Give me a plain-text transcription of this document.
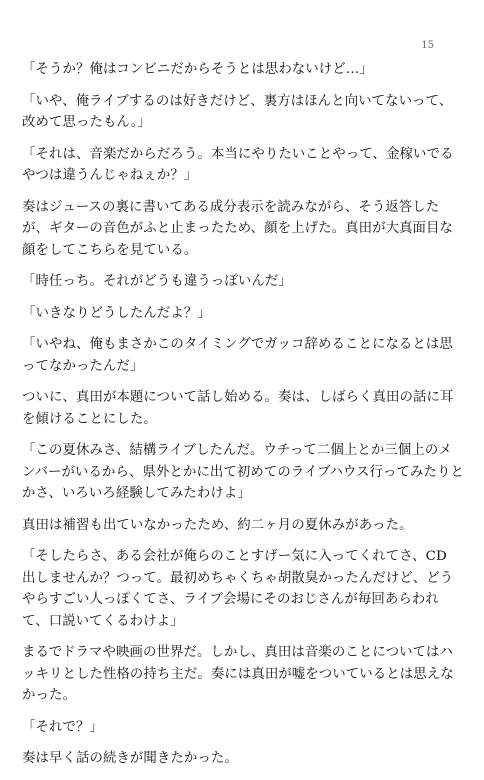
15

「そうか？俺はコンビニだからそうとは思わないけど…」

「いや、俺ライブするのは好きだけど、裏方はほんと向いてないって、改めて思ったもん。」

「それは、音楽だからだろう。本当にやりたいことやって、金稼いでるやつは違うんじゃねぇか？」

奏はジュースの裏に書いてある成分表示を読みながら、そう返答したが、ギターの音色がふと止まったため、顔を上げた。真田が大真面目な顔をしてこちらを見ている。

「時任っち。それがどうも違うっぽいんだ」

「いきなりどうしたんだよ？」

「いやね、俺もまさかこのタイミングでガッコ辞めることになるとは思ってなかったんだ」

ついに、真田が本題について話し始める。奏は、しばらく真田の話に耳を傾けることにした。

「この夏休みさ、結構ライブしたんだ。ウチって二個上とか三個上のメンバーがいるから、県外とかに出て初めてのライブハウス行ってみたりとかさ、いろいろ経験してみたわけよ」

真田は補習も出ていなかったため、約二ヶ月の夏休みがあった。

「そしたらさ、ある会社が俺らのことすげー気に入ってくれてさ、CD 出しませんか？つって。最初めちゃくちゃ胡散臭かったんだけど、どうやらすごい人っぽくてさ、ライブ会場にそのおじさんが毎回あらわれて、口説いてくるわけよ」

まるでドラマや映画の世界だ。しかし、真田は音楽のことについてはハッキリとした性格の持ち主だ。奏には真田が嘘をついているとは思えなかった。

「それで？」

奏は早く話の続きが聞きたかった。
